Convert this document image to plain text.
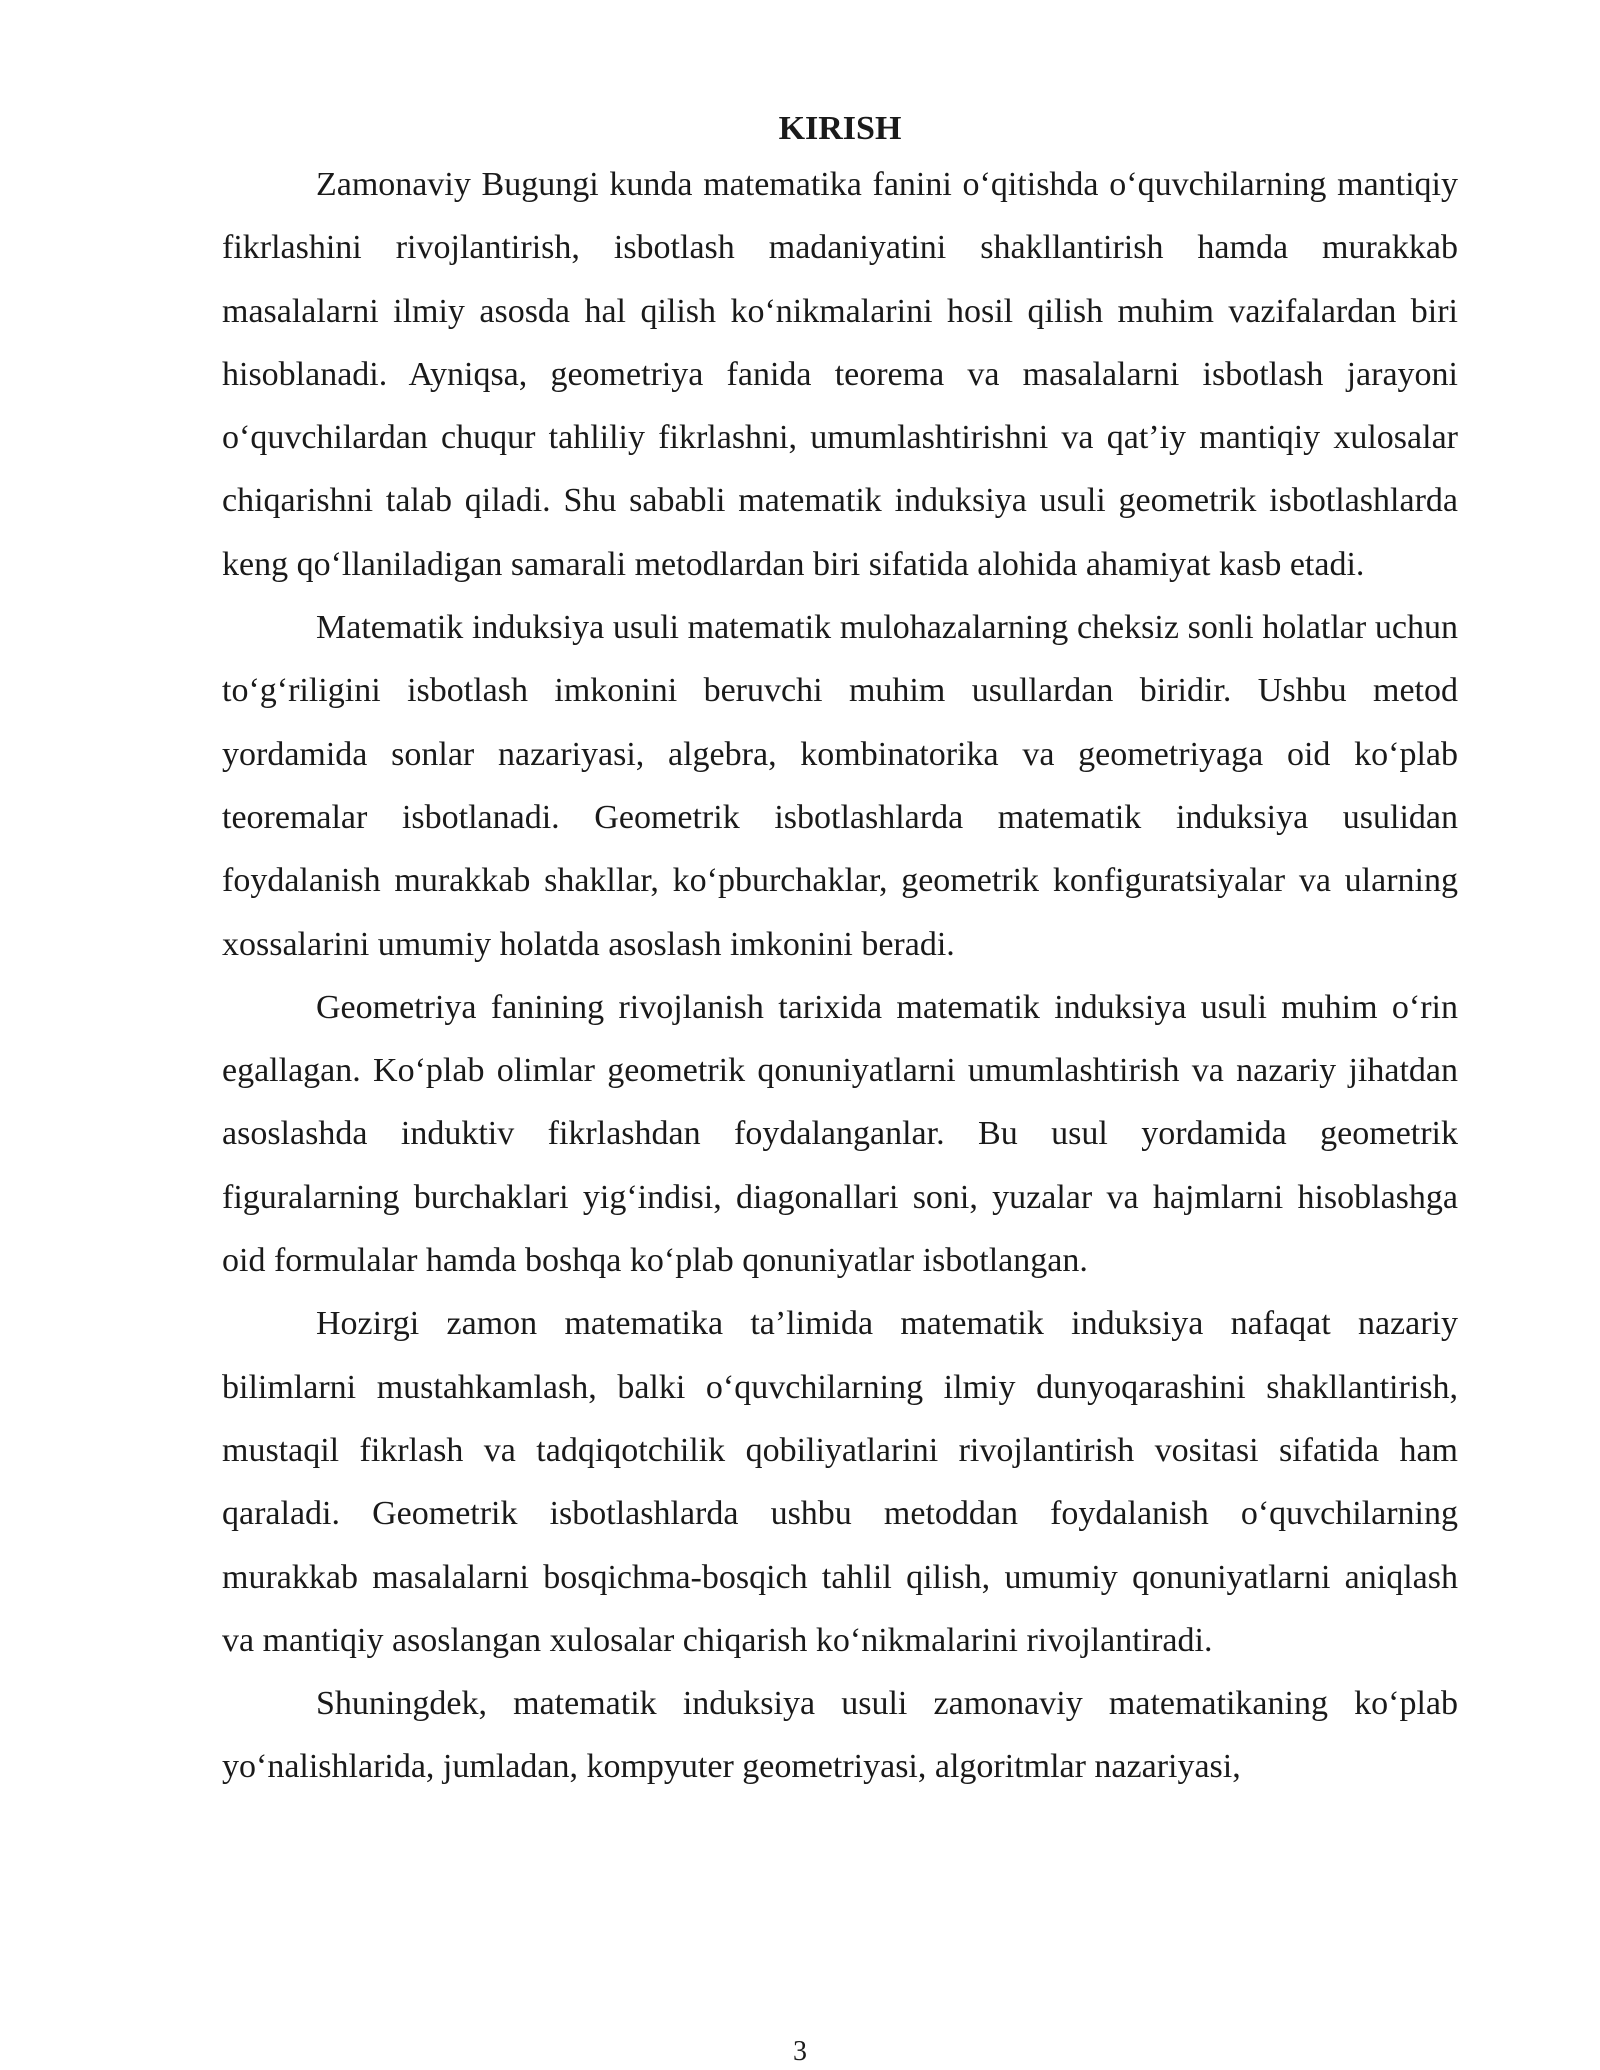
KIRISH

Zamonaviy Bugungi kunda matematika fanini o‘qitishda o‘quvchilarning mantiqiy fikrlashini rivojlantirish, isbotlash madaniyatini shakllantirish hamda murakkab masalalarni ilmiy asosda hal qilish ko‘nikmalarini hosil qilish muhim vazifalardan biri hisoblanadi. Ayniqsa, geometriya fanida teorema va masalalarni isbotlash jarayoni o‘quvchilardan chuqur tahliliy fikrlashni, umumlashtirishni va qat’iy mantiqiy xulosalar chiqarishni talab qiladi. Shu sababli matematik induksiya usuli geometrik isbotlashlarda keng qo‘llaniladigan samarali metodlardan biri sifatida alohida ahamiyat kasb etadi.

Matematik induksiya usuli matematik mulohazalarning cheksiz sonli holatlar uchun to‘g‘riligini isbotlash imkonini beruvchi muhim usullardan biridir. Ushbu metod yordamida sonlar nazariyasi, algebra, kombinatorika va geometriyaga oid ko‘plab teoremalar isbotlanadi. Geometrik isbotlashlarda matematik induksiya usulidan foydalanish murakkab shakllar, ko‘pburchaklar, geometrik konfiguratsiyalar va ularning xossalarini umumiy holatda asoslash imkonini beradi.

Geometriya fanining rivojlanish tarixida matematik induksiya usuli muhim o‘rin egallagan. Ko‘plab olimlar geometrik qonuniyatlarni umumlashtirish va nazariy jihatdan asoslashda induktiv fikrlashdan foydalanganlar. Bu usul yordamida geometrik figuralarning burchaklari yig‘indisi, diagonallari soni, yuzalar va hajmlarni hisoblashga oid formulalar hamda boshqa ko‘plab qonuniyatlar isbotlangan.

Hozirgi zamon matematika ta’limida matematik induksiya nafaqat nazariy bilimlarni mustahkamlash, balki o‘quvchilarning ilmiy dunyoqarashini shakllantirish, mustaqil fikrlash va tadqiqotchilik qobiliyatlarini rivojlantirish vositasi sifatida ham qaraladi. Geometrik isbotlashlarda ushbu metoddan foydalanish o‘quvchilarning murakkab masalalarni bosqichma-bosqich tahlil qilish, umumiy qonuniyatlarni aniqlash va mantiqiy asoslangan xulosalar chiqarish ko‘nikmalarini rivojlantiradi.

Shuningdek, matematik induksiya usuli zamonaviy matematikaning ko‘plab yo‘nalishlarida, jumladan, kompyuter geometriyasi, algoritmlar nazariyasi,

3
